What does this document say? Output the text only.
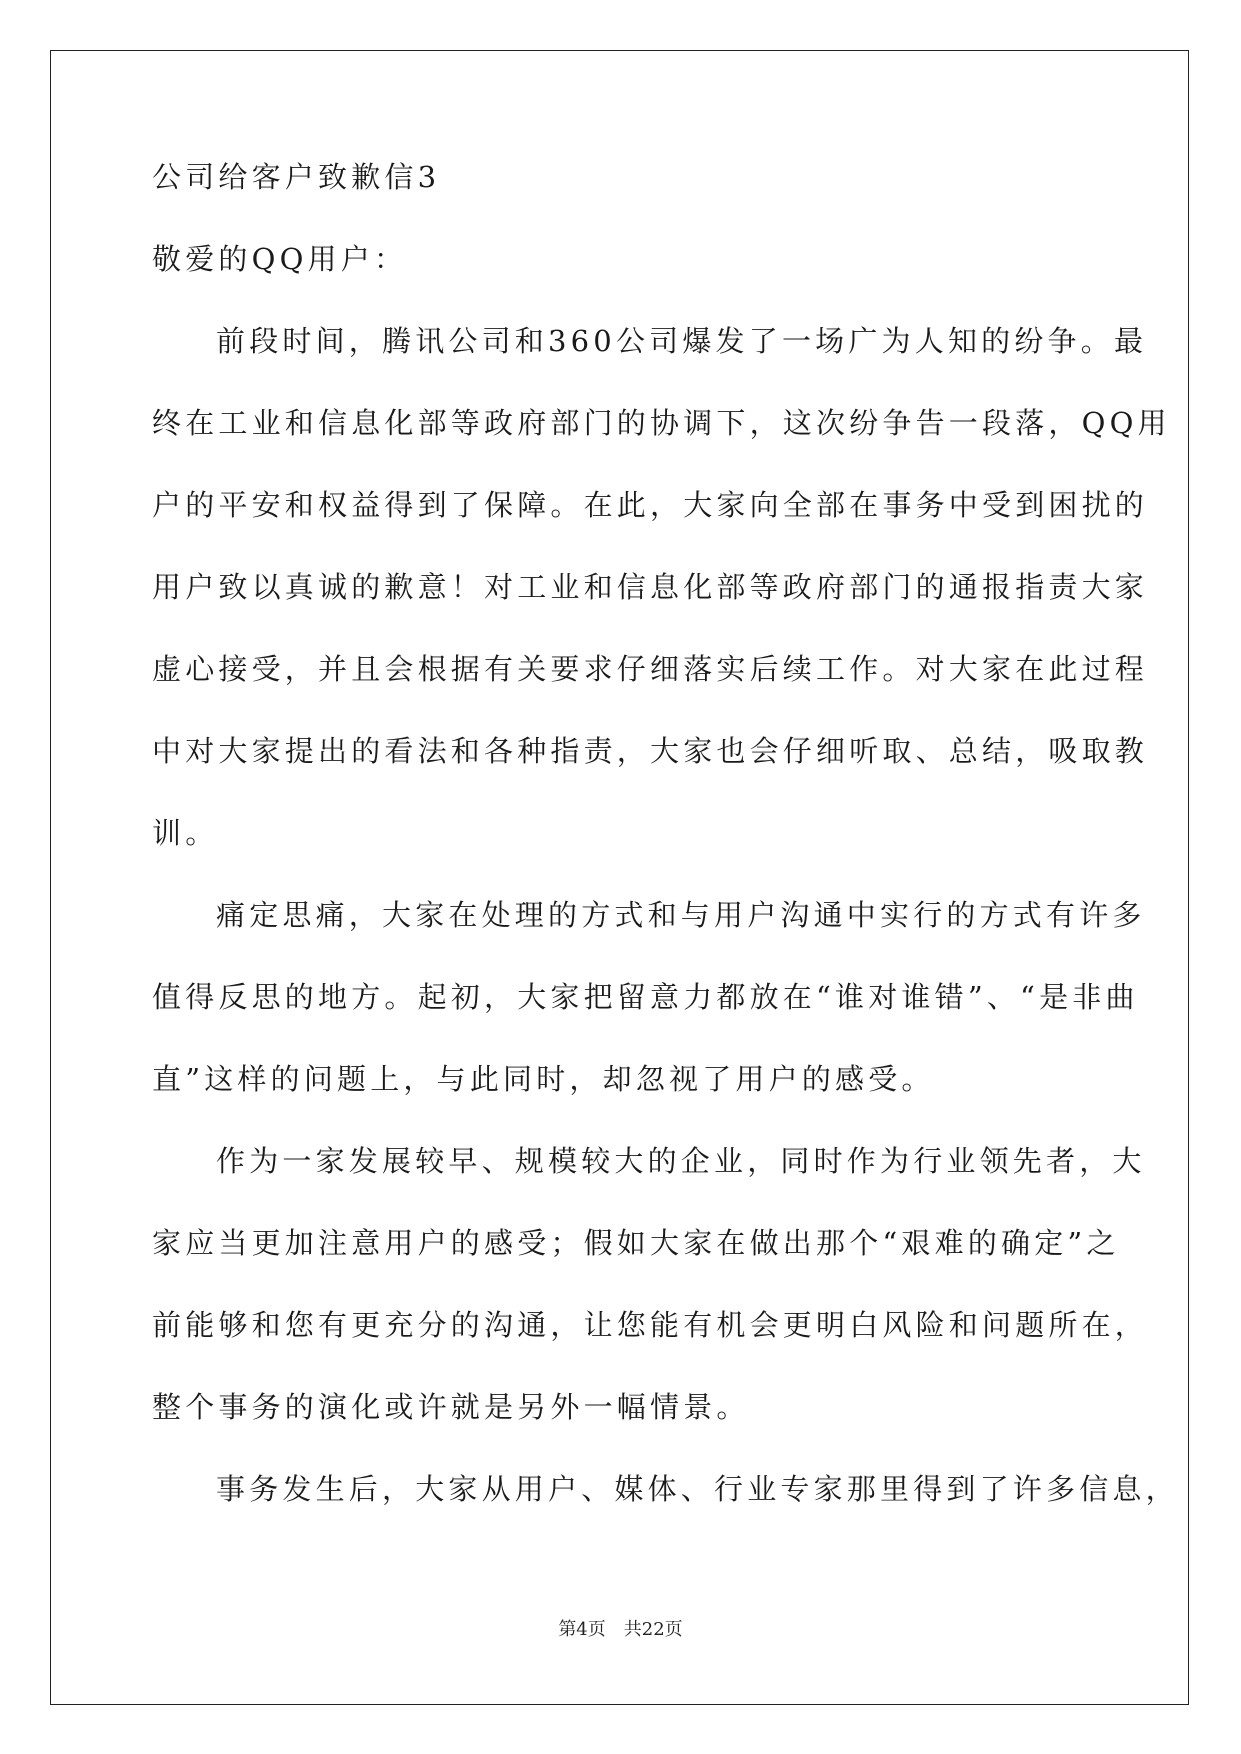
公司给客户致歉信3
敬爱的QQ用户：
前段时间，腾讯公司和360公司爆发了一场广为人知的纷争。最
终在工业和信息化部等政府部门的协调下，这次纷争告一段落，QQ用
户的平安和权益得到了保障。在此，大家向全部在事务中受到困扰的
用户致以真诚的歉意！对工业和信息化部等政府部门的通报指责大家
虚心接受，并且会根据有关要求仔细落实后续工作。对大家在此过程
中对大家提出的看法和各种指责，大家也会仔细听取、总结，吸取教
训。
痛定思痛，大家在处理的方式和与用户沟通中实行的方式有许多
值得反思的地方。起初，大家把留意力都放在“谁对谁错”、“是非曲
直”这样的问题上，与此同时，却忽视了用户的感受。
作为一家发展较早、规模较大的企业，同时作为行业领先者，大
家应当更加注意用户的感受；假如大家在做出那个“艰难的确定”之
前能够和您有更充分的沟通，让您能有机会更明白风险和问题所在，
整个事务的演化或许就是另外一幅情景。
事务发生后，大家从用户、媒体、行业专家那里得到了许多信息，
第4页 共22页
